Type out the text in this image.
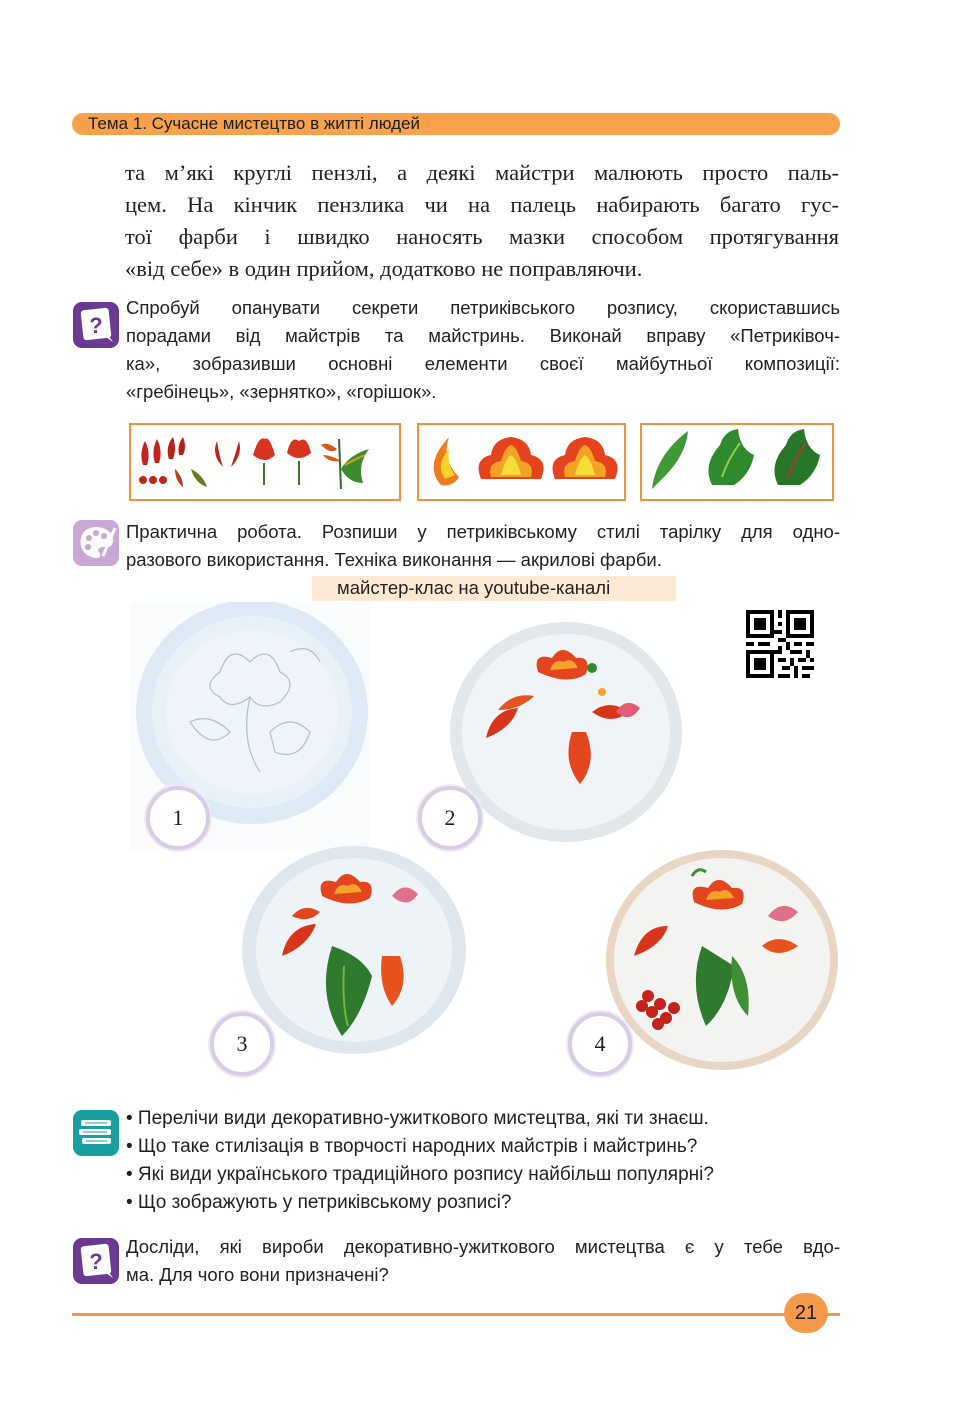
Тема 1. Сучасне мистецтво в житті людей
та м’які круглі пензлі, а деякі майстри малюють просто паль-
цем. На кінчик пензлика чи на палець набирають багато гус-
тої фарби і швидко наносять мазки способом протягування
«від себе» в один прийом, додатково не поправляючи.
?
Спробуй опанувати секрети петриківського розпису, скориставшись
порадами від майстрів та майстринь. Виконай вправу «Петриківоч-
ка», зобразивши основні елементи своєї майбутньої композиції:
«гребінець», «зернятко», «горішок».
Практична робота. Розпиши у петриківському стилі тарілку для одно-
разового використання. Техніка виконання — акрилові фарби.
майстер-клас на youtube-каналі
1	2
3	4
• Перелічи види декоративно-ужиткового мистецтва, які ти знаєш.
• Що таке стилізація в творчості народних майстрів і майстринь?
• Які види українського традиційного розпису найбільш популярні?
• Що зображують у петриківському розписі?
?
Досліди, які вироби декоративно-ужиткового мистецтва є у тебе вдо-
ма. Для чого вони призначені?
21
